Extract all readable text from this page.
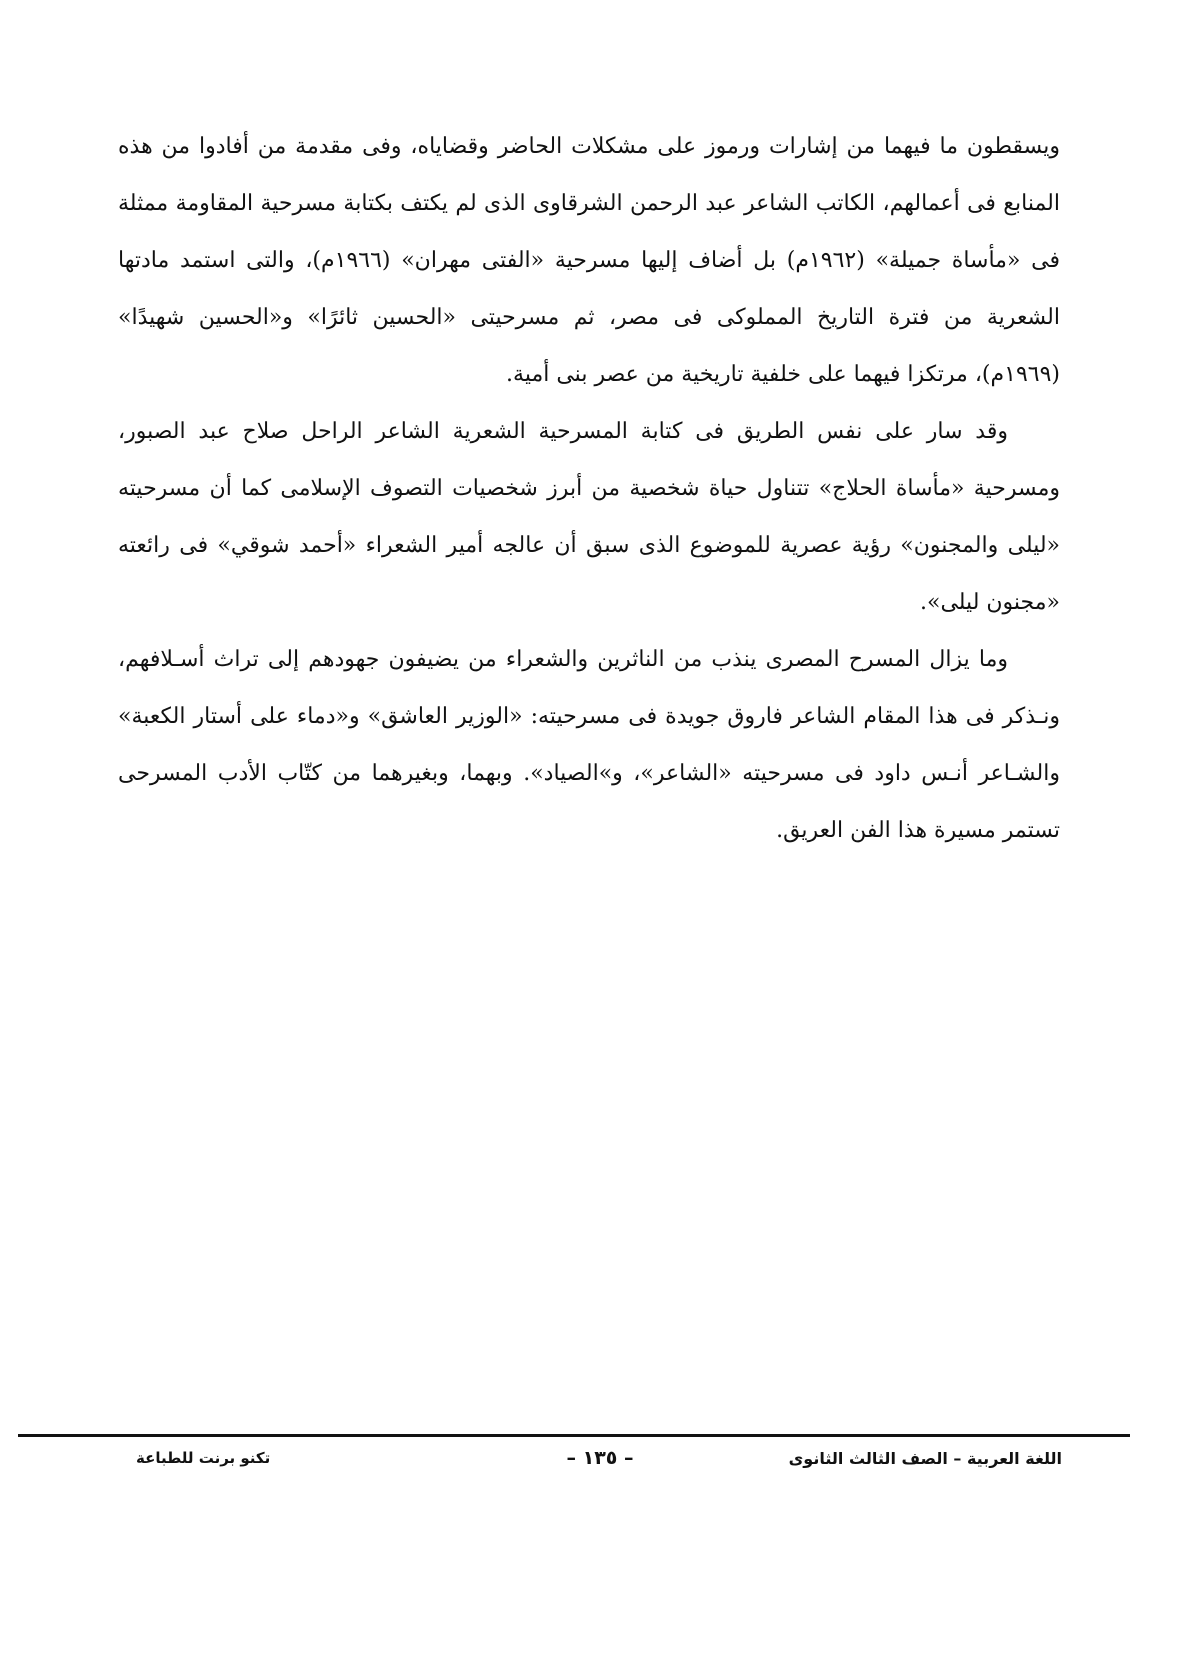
ويسقطون ما فيهما من إشارات ورموز على مشكلات الحاضر وقضاياه، وفى مقدمة من أفادوا من هذه المنابع فى أعمالهم، الكاتب الشاعر عبد الرحمن الشرقاوى الذى لم يكتف بكتابة مسرحية المقاومة ممثلة فى «مأساة جميلة» (١٩٦٢م) بل أضاف إليها مسرحية «الفتى مهران» (١٩٦٦م)، والتى استمد مادتها الشعرية من فترة التاريخ المملوكى فى مصر، ثم مسرحيتى «الحسين ثائرًا» و«الحسين شهيدًا» (١٩٦٩م)، مرتكزا فيهما على خلفية تاريخية من عصر بنى أمية.

وقد سار على نفس الطريق فى كتابة المسرحية الشعرية الشاعر الراحل صلاح عبد الصبور، ومسرحية «مأساة الحلاج» تتناول حياة شخصية من أبرز شخصيات التصوف الإسلامى كما أن مسرحيته «ليلى والمجنون» رؤية عصرية للموضوع الذى سبق أن عالجه أمير الشعراء «أحمد شوقي» فى رائعته «مجنون ليلى».

وما يزال المسرح المصرى ينذب من الناثرين والشعراء من يضيفون جهودهم إلى تراث أسـلافهم، ونـذكر فى هذا المقام الشاعر فاروق جويدة فى مسرحيته: «الوزير العاشق» و«دماء على أستار الكعبة» والشـاعر أنـس داود فى مسرحيته «الشاعر»، و»الصياد». وبهما، وبغيرهما من كتّاب الأدب المسرحى تستمر مسيرة هذا الفن العريق.

اللغة العربية – الصف الثالث الثانوى
– ١٣٥ –
تكنو برنت للطباعة
